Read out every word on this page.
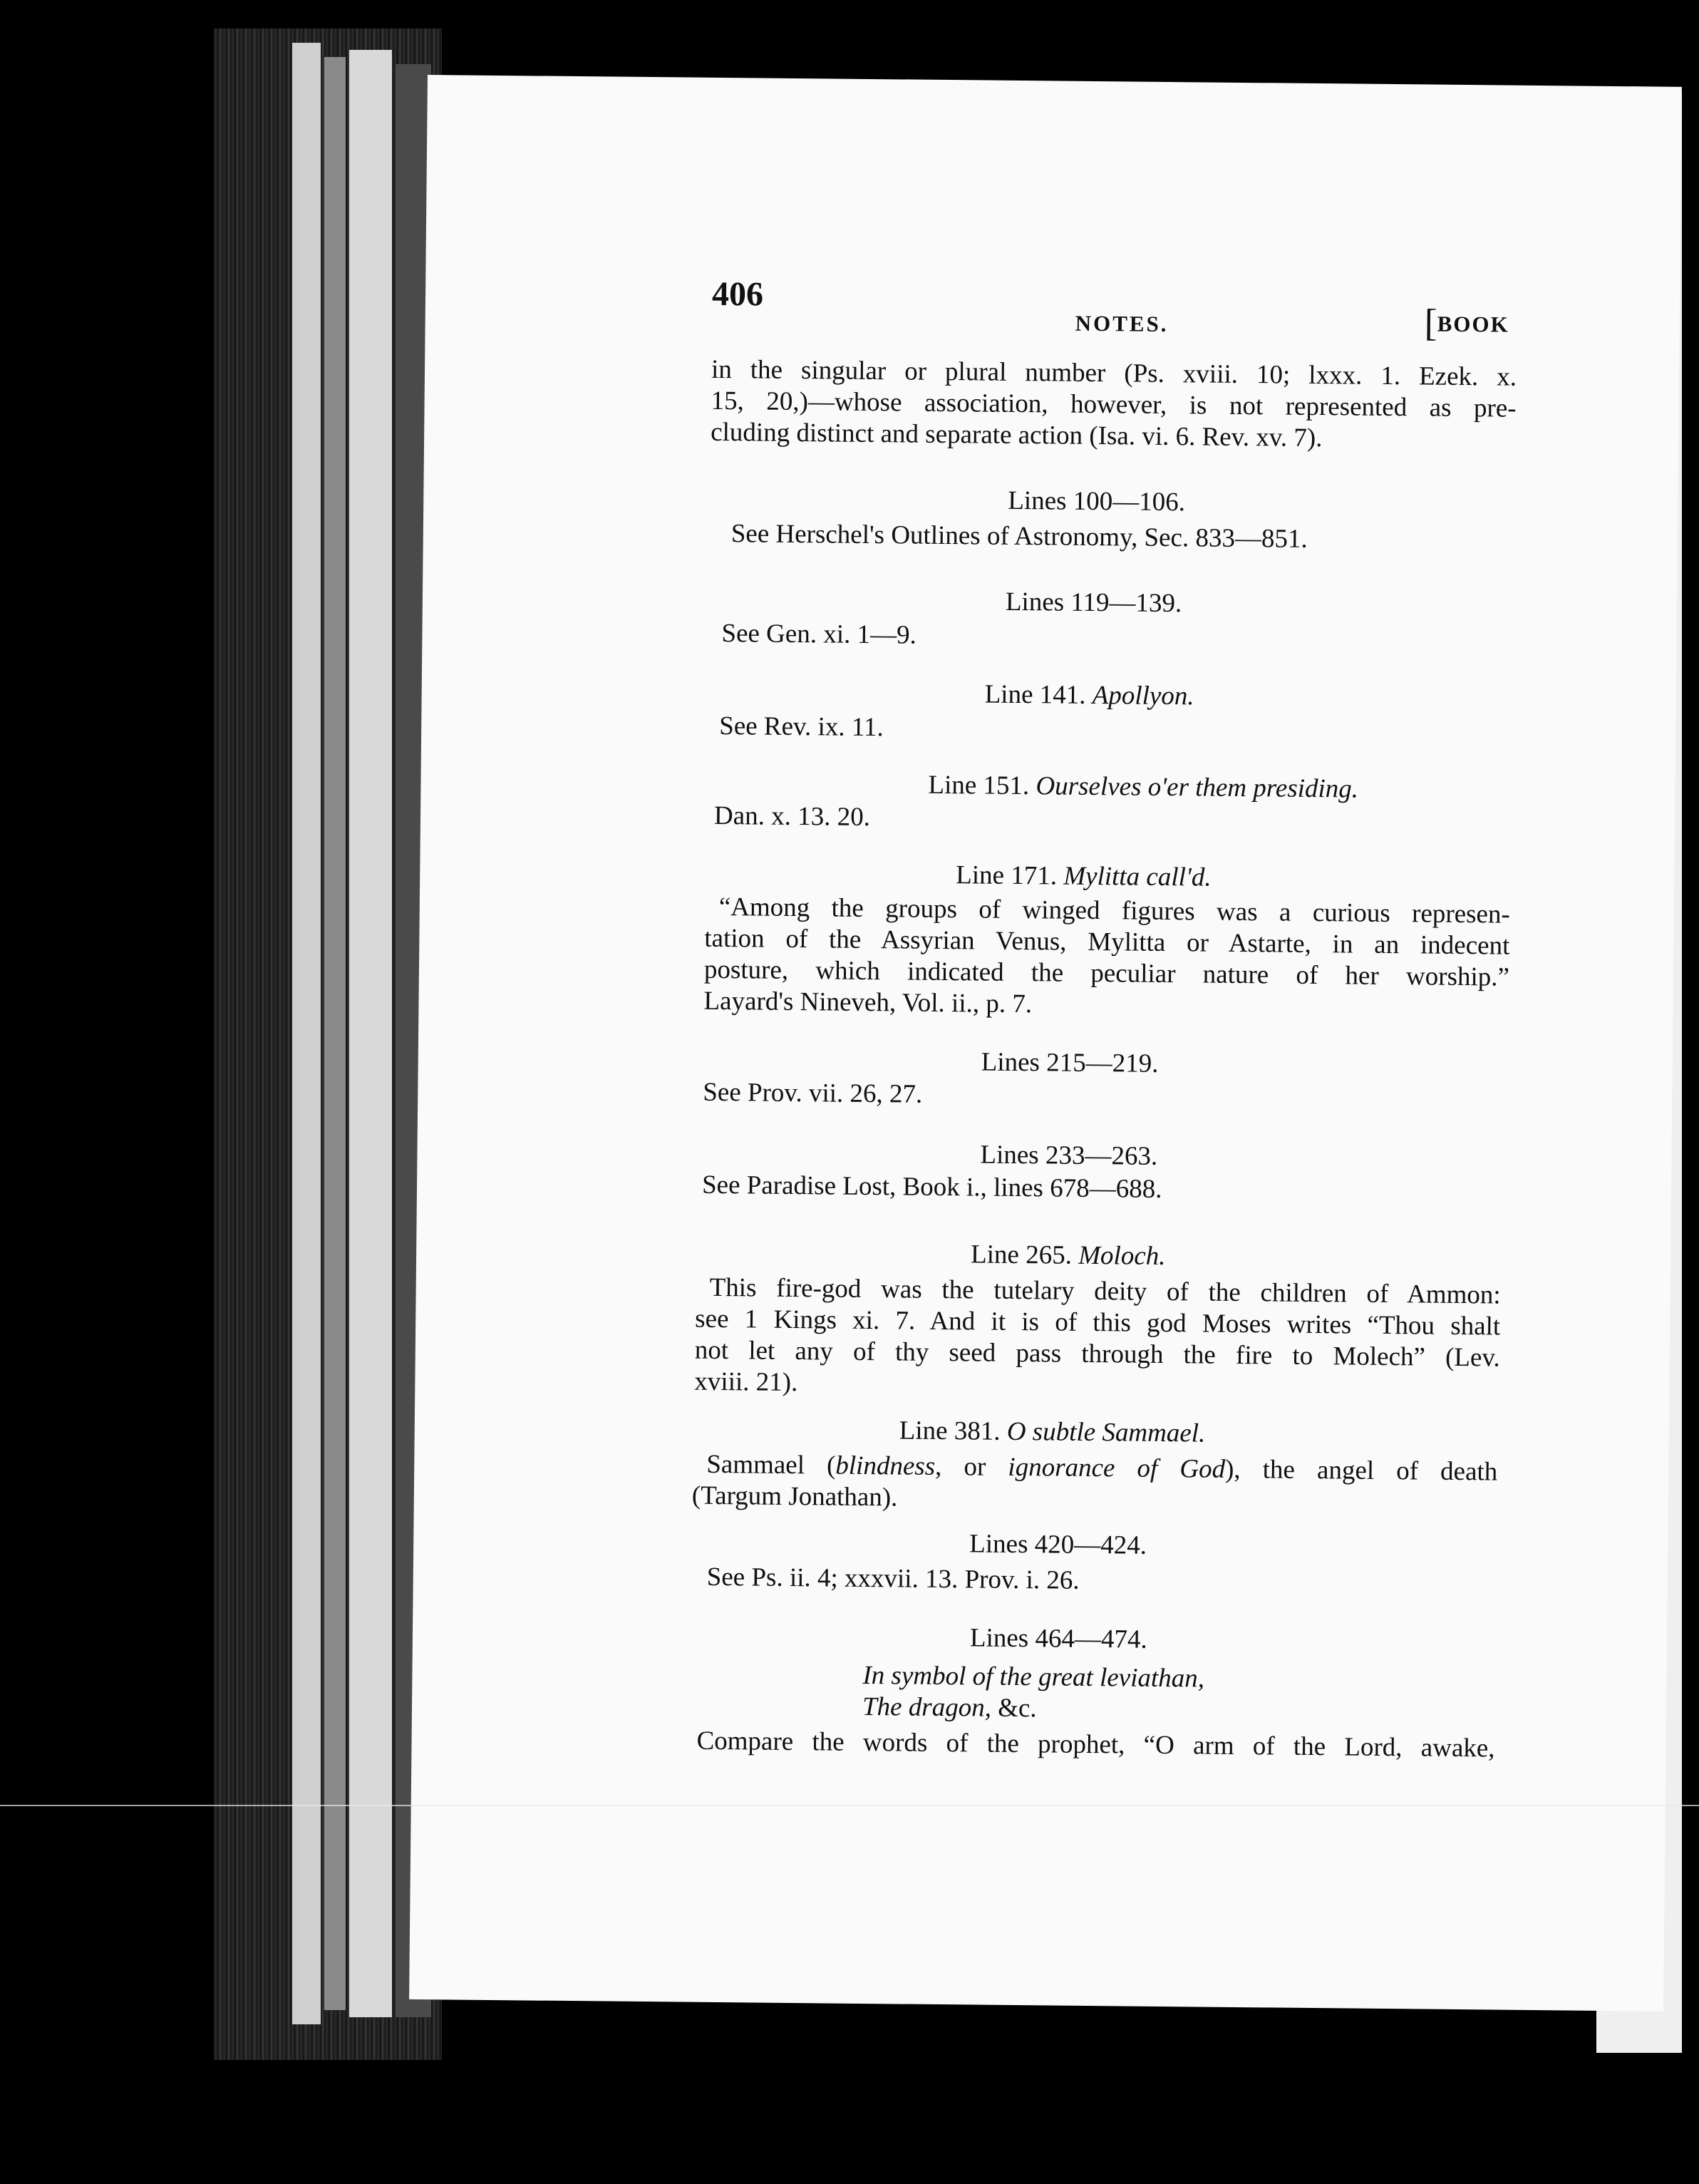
406
NOTES.	[BOOK
in the singular or plural number (Ps. xviii. 10; lxxx. 1. Ezek. x.
15, 20,)—whose association, however, is not represented as pre-
cluding distinct and separate action (Isa. vi. 6. Rev. xv. 7).
Lines 100—106.
See Herschel's Outlines of Astronomy, Sec. 833—851.
Lines 119—139.
See Gen. xi. 1—9.
Line 141. Apollyon.
See Rev. ix. 11.
Line 151. Ourselves o'er them presiding.
Dan. x. 13. 20.
Line 171. Mylitta call'd.
“Among the groups of winged figures was a curious represen-
tation of the Assyrian Venus, Mylitta or Astarte, in an indecent
posture, which indicated the peculiar nature of her worship.”
Layard's Nineveh, Vol. ii., p. 7.
Lines 215—219.
See Prov. vii. 26, 27.
Lines 233—263.
See Paradise Lost, Book i., lines 678—688.
Line 265. Moloch.
This fire-god was the tutelary deity of the children of Ammon:
see 1 Kings xi. 7. And it is of this god Moses writes “Thou shalt
not let any of thy seed pass through the fire to Molech” (Lev.
xviii. 21).
Line 381. O subtle Sammael.
Sammael (blindness, or ignorance of God), the angel of death
(Targum Jonathan).
Lines 420—424.
See Ps. ii. 4; xxxvii. 13. Prov. i. 26.
Lines 464—474.
In symbol of the great leviathan,
The dragon, &c.
Compare the words of the prophet, “O arm of the Lord, awake,
